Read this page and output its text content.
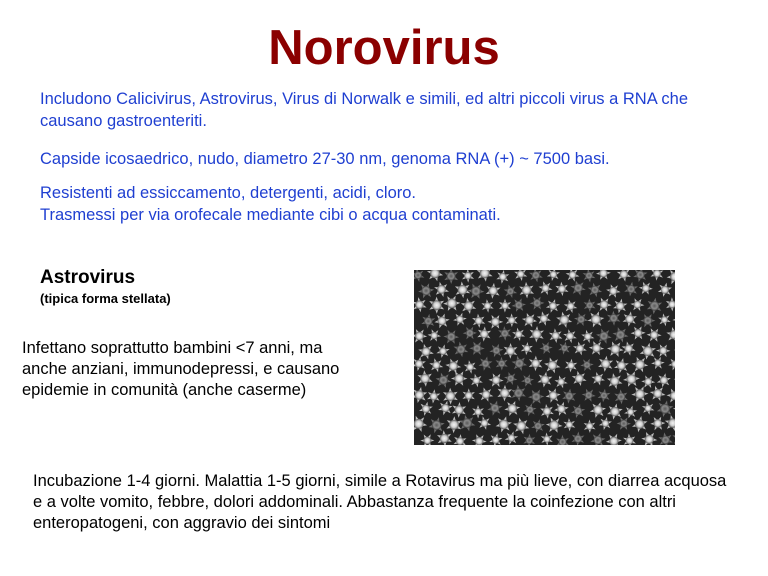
Norovirus

Includono Calicivirus, Astrovirus, Virus di Norwalk e simili, ed altri piccoli virus a RNA che causano gastroenteriti.

Capside icosaedrico, nudo, diametro 27-30 nm, genoma RNA (+) ~ 7500 basi.

Resistenti ad essiccamento, detergenti, acidi, cloro.
Trasmessi per via orofecale mediante cibi o acqua contaminati.

Astrovirus

(tipica forma stellata)

Infettano soprattutto bambini <7 anni, ma anche anziani, immunodepressi, e causano epidemie in comunità (anche caserme)

Incubazione 1-4 giorni. Malattia 1-5 giorni, simile a Rotavirus ma più lieve, con diarrea acquosa e a volte vomito, febbre, dolori addominali. Abbastanza frequente la coinfezione con altri enteropatogeni, con aggravio dei sintomi
